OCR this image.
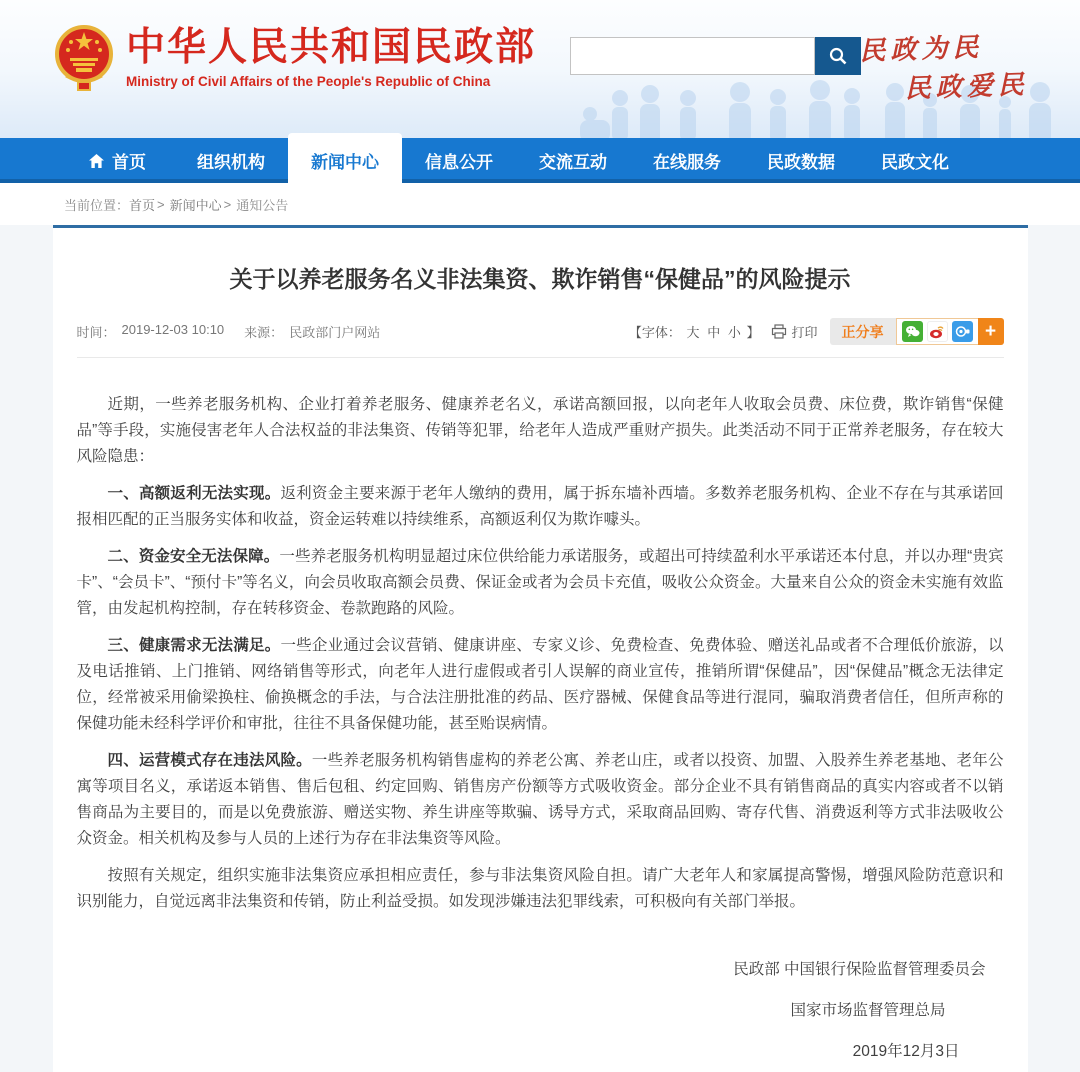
中华人民共和国民政部
Ministry of Civil Affairs of the People's Republic of China
民政为民
民政爱民
首页	组织机构	新闻中心	信息公开	交流互动	在线服务	民政数据	民政文化
当前位置： 首页 > 新闻中心 > 通知公告
关于以养老服务名义非法集资、欺诈销售“保健品”的风险提示
时间： 2019-12-03 10:10 来源： 民政部门户网站	【字体： 大 中 小 】 打印	正分享	+

近期，一些养老服务机构、企业打着养老服务、健康养老名义，承诺高额回报，以向老年人收取会员费、床位费，欺诈销售“保健品”等手段，实施侵害老年人合法权益的非法集资、传销等犯罪，给老年人造成严重财产损失。此类活动不同于正常养老服务，存在较大风险隐患：

一、高额返利无法实现。返利资金主要来源于老年人缴纳的费用，属于拆东墙补西墙。多数养老服务机构、企业不存在与其承诺回报相匹配的正当服务实体和收益，资金运转难以持续维系，高额返利仅为欺诈噱头。

二、资金安全无法保障。一些养老服务机构明显超过床位供给能力承诺服务，或超出可持续盈利水平承诺还本付息，并以办理“贵宾卡”、“会员卡”、“预付卡”等名义，向会员收取高额会员费、保证金或者为会员卡充值，吸收公众资金。大量来自公众的资金未实施有效监管，由发起机构控制，存在转移资金、卷款跑路的风险。

三、健康需求无法满足。一些企业通过会议营销、健康讲座、专家义诊、免费检查、免费体验、赠送礼品或者不合理低价旅游，以及电话推销、上门推销、网络销售等形式，向老年人进行虚假或者引人误解的商业宣传，推销所谓“保健品”，因“保健品”概念无法律定位，经常被采用偷梁换柱、偷换概念的手法，与合法注册批准的药品、医疗器械、保健食品等进行混同，骗取消费者信任，但所声称的保健功能未经科学评价和审批，往往不具备保健功能，甚至贻误病情。

四、运营模式存在违法风险。一些养老服务机构销售虚构的养老公寓、养老山庄，或者以投资、加盟、入股养生养老基地、老年公寓等项目名义，承诺返本销售、售后包租、约定回购、销售房产份额等方式吸收资金。部分企业不具有销售商品的真实内容或者不以销售商品为主要目的，而是以免费旅游、赠送实物、养生讲座等欺骗、诱导方式，采取商品回购、寄存代售、消费返利等方式非法吸收公众资金。相关机构及参与人员的上述行为存在非法集资等风险。

按照有关规定，组织实施非法集资应承担相应责任，参与非法集资风险自担。请广大老年人和家属提高警惕，增强风险防范意识和识别能力，自觉远离非法集资和传销，防止利益受损。如发现涉嫌违法犯罪线索，可积极向有关部门举报。

民政部 中国银行保险监督管理委员会
国家市场监督管理总局
2019年12月3日
